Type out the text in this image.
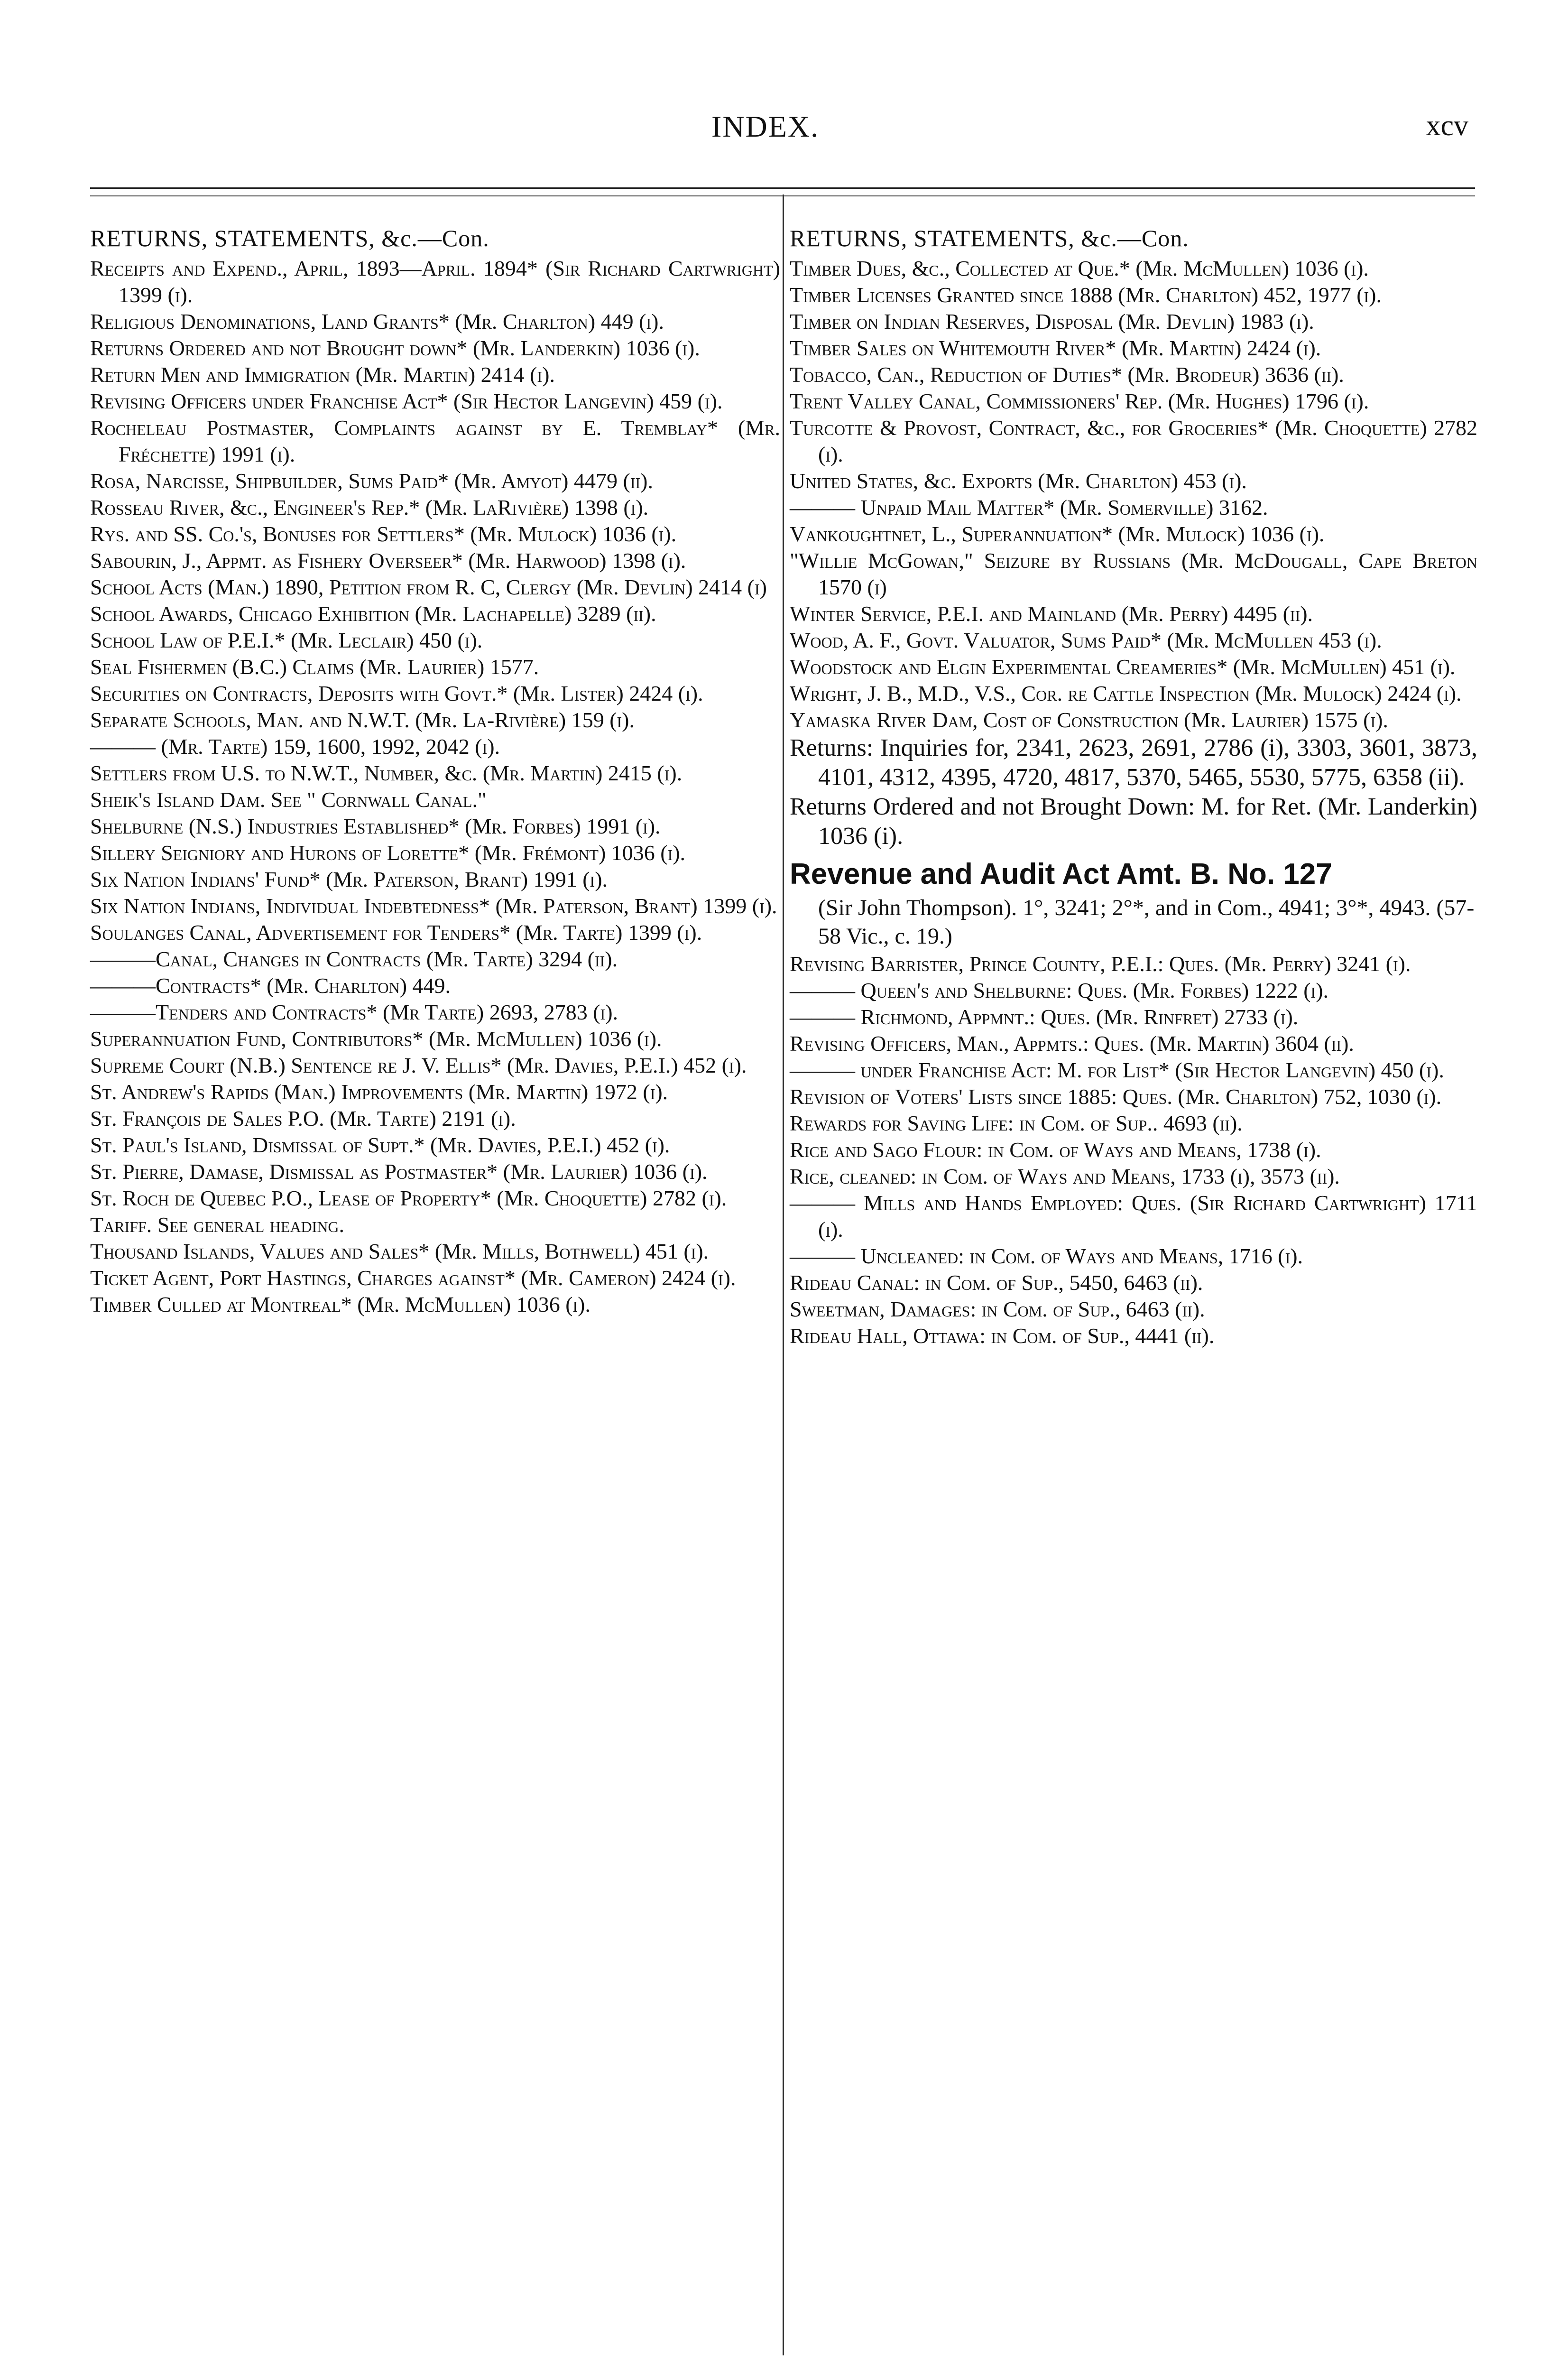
INDEX.	xcv
RETURNS, STATEMENTS, &c.—Con.
Receipts and Expend., April, 1893—April. 1894* (Sir Richard Cartwright) 1399 (i).
Religious Denominations, Land Grants* (Mr. Charlton) 449 (i).
Returns Ordered and not Brought down* (Mr. Landerkin) 1036 (i).
Return Men and Immigration (Mr. Martin) 2414 (i).
Revising Officers under Franchise Act* (Sir Hector Langevin) 459 (i).
Rocheleau Postmaster, Complaints against by E. Tremblay* (Mr. Fréchette) 1991 (i).
Rosa, Narcisse, Shipbuilder, Sums Paid* (Mr. Amyot) 4479 (ii).
Rosseau River, &c., Engineer's Rep.* (Mr. LaRivière) 1398 (i).
Rys. and SS. Co.'s, Bonuses for Settlers* (Mr. Mulock) 1036 (i).
Sabourin, J., Appmt. as Fishery Overseer* (Mr. Harwood) 1398 (i).
School Acts (Man.) 1890, Petition from R. C, Clergy (Mr. Devlin) 2414 (i)
School Awards, Chicago Exhibition (Mr. Lachapelle) 3289 (ii).
School Law of P.E.I.* (Mr. Leclair) 450 (i).
Seal Fishermen (B.C.) Claims (Mr. Laurier) 1577.
Securities on Contracts, Deposits with Govt.* (Mr. Lister) 2424 (i).
Separate Schools, Man. and N.W.T. (Mr. La-Rivière) 159 (i).
——— (Mr. Tarte) 159, 1600, 1992, 2042 (i).
Settlers from U.S. to N.W.T., Number, &c. (Mr. Martin) 2415 (i).
Sheik's Island Dam. See " Cornwall Canal."
Shelburne (N.S.) Industries Established* (Mr. Forbes) 1991 (i).
Sillery Seigniory and Hurons of Lorette* (Mr. Frémont) 1036 (i).
Six Nation Indians' Fund* (Mr. Paterson, Brant) 1991 (i).
Six Nation Indians, Individual Indebtedness* (Mr. Paterson, Brant) 1399 (i).
Soulanges Canal, Advertisement for Tenders* (Mr. Tarte) 1399 (i).
———Canal, Changes in Contracts (Mr. Tarte) 3294 (ii).
———Contracts* (Mr. Charlton) 449.
———Tenders and Contracts* (Mr Tarte) 2693, 2783 (i).
Superannuation Fund, Contributors* (Mr. McMullen) 1036 (i).
Supreme Court (N.B.) Sentence re J. V. Ellis* (Mr. Davies, P.E.I.) 452 (i).
St. Andrew's Rapids (Man.) Improvements (Mr. Martin) 1972 (i).
St. François de Sales P.O. (Mr. Tarte) 2191 (i).
St. Paul's Island, Dismissal of Supt.* (Mr. Davies, P.E.I.) 452 (i).
St. Pierre, Damase, Dismissal as Postmaster* (Mr. Laurier) 1036 (i).
St. Roch de Quebec P.O., Lease of Property* (Mr. Choquette) 2782 (i).
Tariff. See general heading.
Thousand Islands, Values and Sales* (Mr. Mills, Bothwell) 451 (i).
Ticket Agent, Port Hastings, Charges against* (Mr. Cameron) 2424 (i).
Timber Culled at Montreal* (Mr. McMullen) 1036 (i).
RETURNS, STATEMENTS, &c.—Con.
Timber Dues, &c., Collected at Que.* (Mr. McMullen) 1036 (i).
Timber Licenses Granted since 1888 (Mr. Charlton) 452, 1977 (i).
Timber on Indian Reserves, Disposal (Mr. Devlin) 1983 (i).
Timber Sales on Whitemouth River* (Mr. Martin) 2424 (i).
Tobacco, Can., Reduction of Duties* (Mr. Brodeur) 3636 (ii).
Trent Valley Canal, Commissioners' Rep. (Mr. Hughes) 1796 (i).
Turcotte & Provost, Contract, &c., for Groceries* (Mr. Choquette) 2782 (i).
United States, &c. Exports (Mr. Charlton) 453 (i).
——— Unpaid Mail Matter* (Mr. Somerville) 3162.
Vankoughtnet, L., Superannuation* (Mr. Mulock) 1036 (i).
"Willie McGowan," Seizure by Russians (Mr. McDougall, Cape Breton 1570 (i)
Winter Service, P.E.I. and Mainland (Mr. Perry) 4495 (ii).
Wood, A. F., Govt. Valuator, Sums Paid* (Mr. McMullen 453 (i).
Woodstock and Elgin Experimental Creameries* (Mr. McMullen) 451 (i).
Wright, J. B., M.D., V.S., Cor. re Cattle Inspection (Mr. Mulock) 2424 (i).
Yamaska River Dam, Cost of Construction (Mr. Laurier) 1575 (i).
Returns: Inquiries for, 2341, 2623, 2691, 2786 (i), 3303, 3601, 3873, 4101, 4312, 4395, 4720, 4817, 5370, 5465, 5530, 5775, 6358 (ii).
Returns Ordered and not Brought Down: M. for Ret. (Mr. Landerkin) 1036 (i).
Revenue and Audit Act Amt. B. No. 127
(Sir John Thompson). 1°, 3241; 2°*, and in Com., 4941; 3°*, 4943. (57-58 Vic., c. 19.)
Revising Barrister, Prince County, P.E.I.: Ques. (Mr. Perry) 3241 (i).
——— Queen's and Shelburne: Ques. (Mr. Forbes) 1222 (i).
——— Richmond, Appmnt.: Ques. (Mr. Rinfret) 2733 (i).
Revising Officers, Man., Appmts.: Ques. (Mr. Martin) 3604 (ii).
——— under Franchise Act: M. for List* (Sir Hector Langevin) 450 (i).
Revision of Voters' Lists since 1885: Ques. (Mr. Charlton) 752, 1030 (i).
Rewards for Saving Life: in Com. of Sup.. 4693 (ii).
Rice and Sago Flour: in Com. of Ways and Means, 1738 (i).
Rice, cleaned: in Com. of Ways and Means, 1733 (i), 3573 (ii).
——— Mills and Hands Employed: Ques. (Sir Richard Cartwright) 1711 (i).
——— Uncleaned: in Com. of Ways and Means, 1716 (i).
Rideau Canal: in Com. of Sup., 5450, 6463 (ii).
Sweetman, Damages: in Com. of Sup., 6463 (ii).
Rideau Hall, Ottawa: in Com. of Sup., 4441 (ii).
